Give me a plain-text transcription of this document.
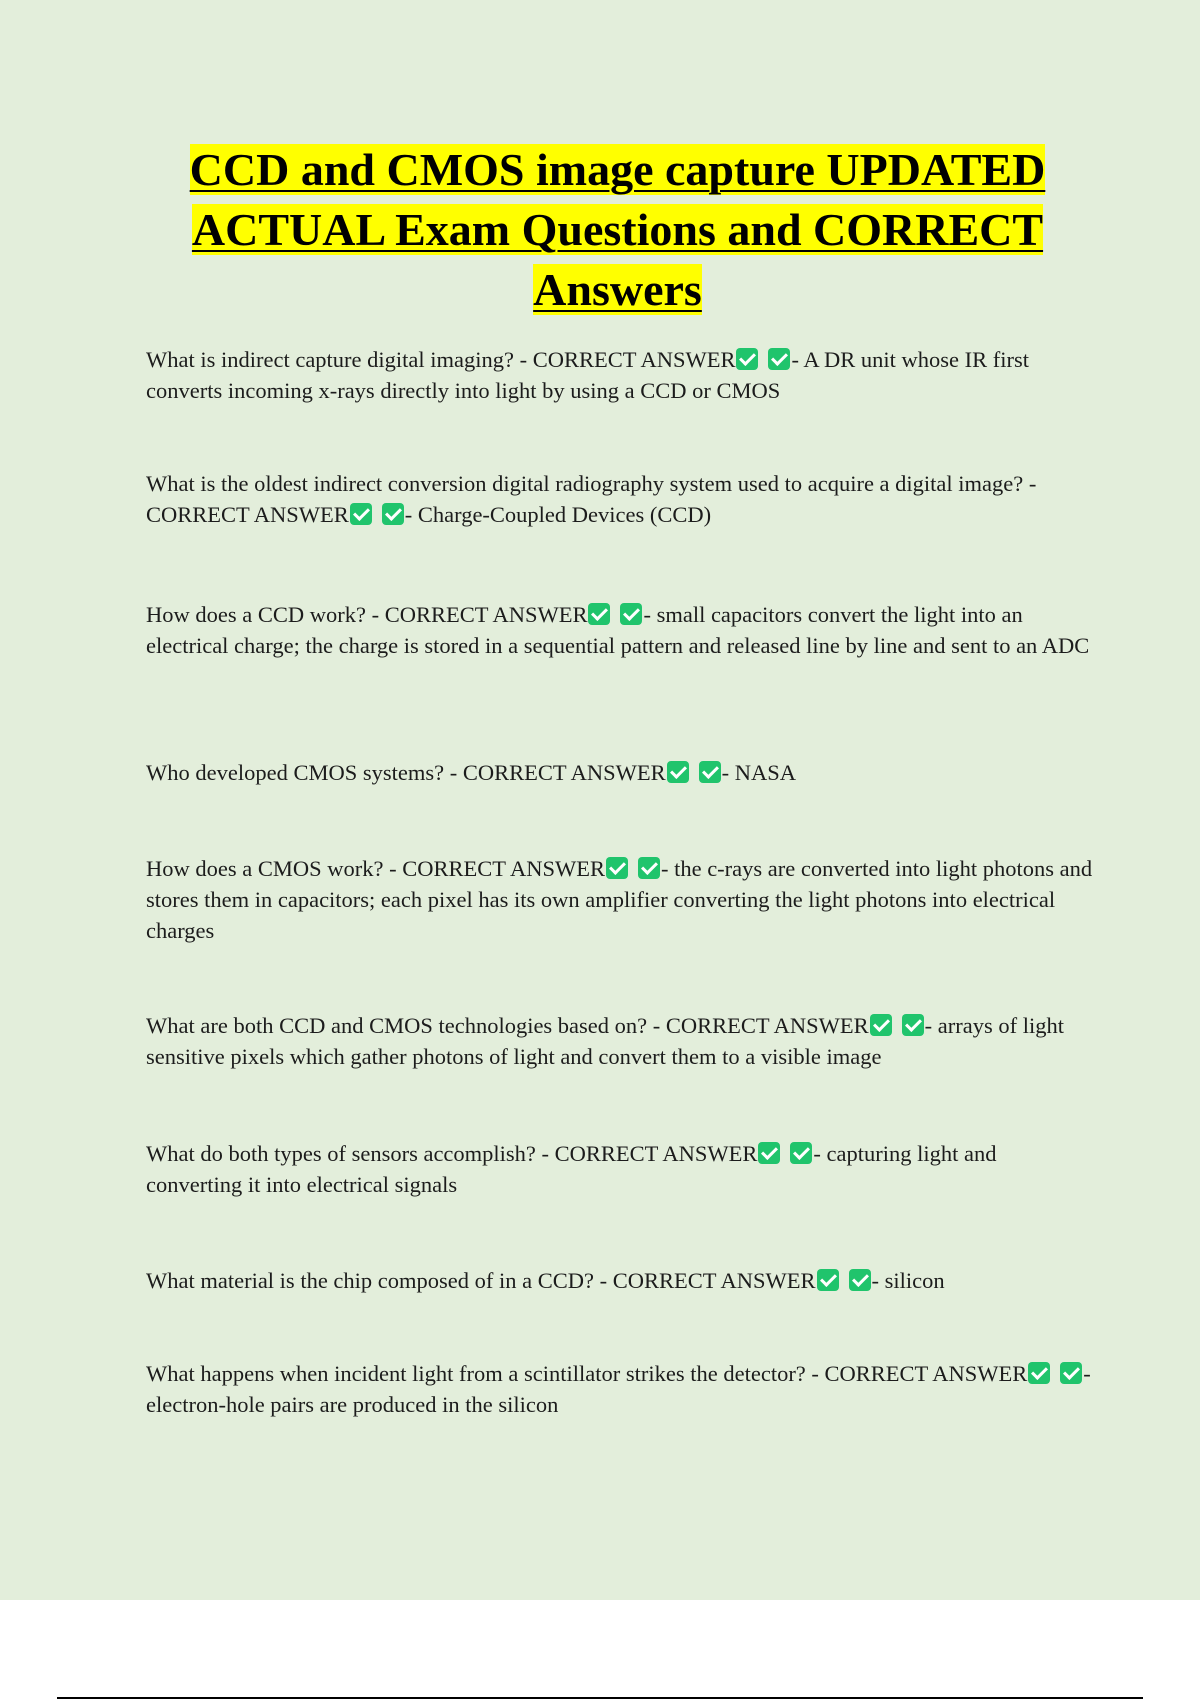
CCD and CMOS image capture UPDATED ACTUAL Exam Questions and CORRECT Answers

What is indirect capture digital imaging? - CORRECT ANSWER - A DR unit whose IR first converts incoming x-rays directly into light by using a CCD or CMOS

What is the oldest indirect conversion digital radiography system used to acquire a digital image? - CORRECT ANSWER - Charge-Coupled Devices (CCD)

How does a CCD work? - CORRECT ANSWER - small capacitors convert the light into an electrical charge; the charge is stored in a sequential pattern and released line by line and sent to an ADC

Who developed CMOS systems? - CORRECT ANSWER - NASA

How does a CMOS work? - CORRECT ANSWER - the c-rays are converted into light photons and stores them in capacitors; each pixel has its own amplifier converting the light photons into electrical charges

What are both CCD and CMOS technologies based on? - CORRECT ANSWER - arrays of light sensitive pixels which gather photons of light and convert them to a visible image

What do both types of sensors accomplish? - CORRECT ANSWER - capturing light and converting it into electrical signals

What material is the chip composed of in a CCD? - CORRECT ANSWER - silicon

What happens when incident light from a scintillator strikes the detector? - CORRECT ANSWER - electron-hole pairs are produced in the silicon
